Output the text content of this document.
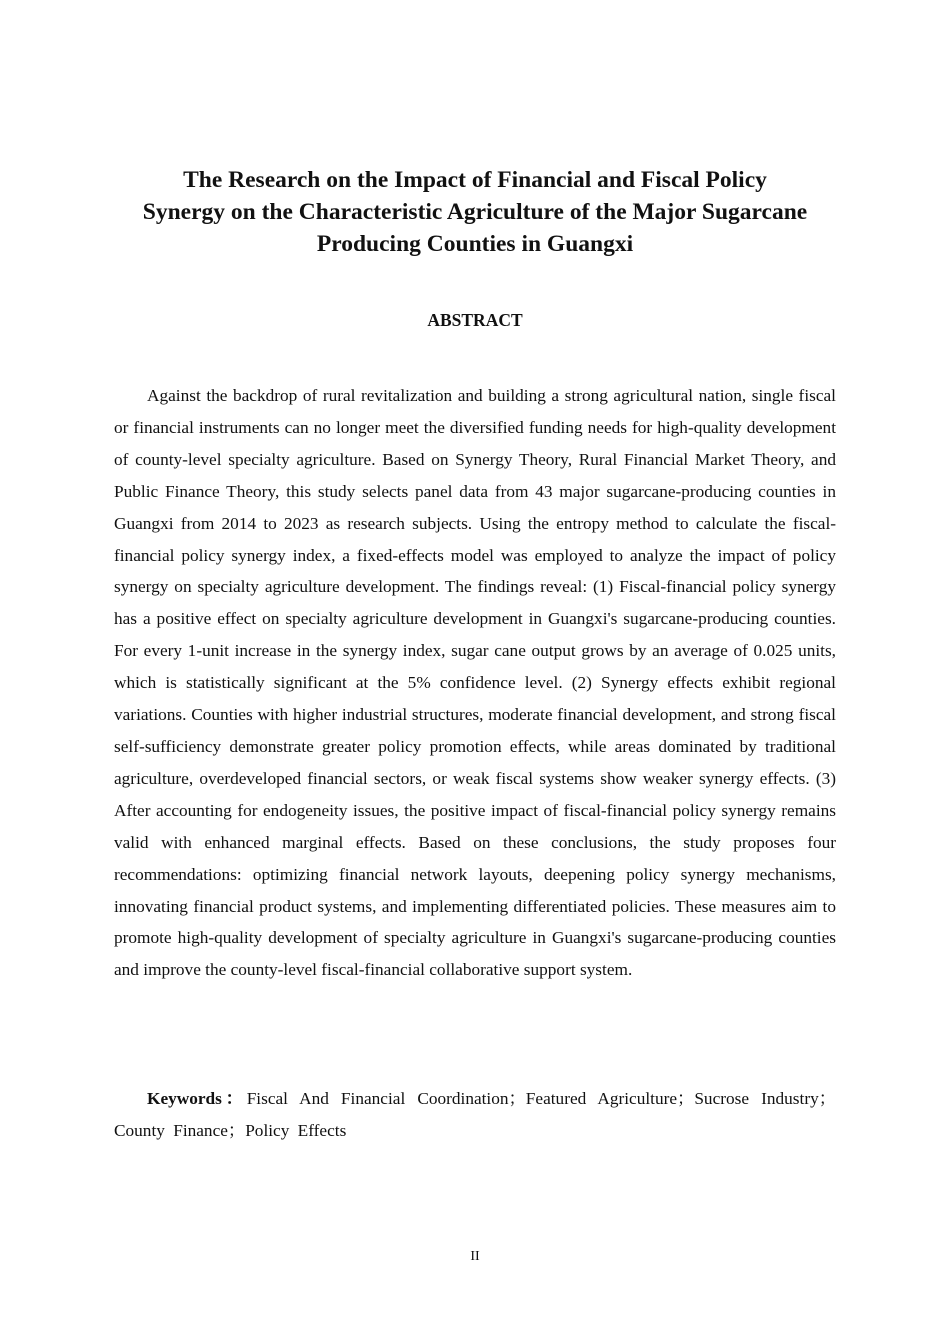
The Research on the Impact of Financial and Fiscal Policy
Synergy on the Characteristic Agriculture of the Major Sugarcane
Producing Counties in Guangxi
ABSTRACT

Against the backdrop of rural revitalization and building a strong agricultural nation, single fiscal or financial instruments can no longer meet the diversified funding needs for high-quality development of county-level specialty agriculture. Based on Synergy Theory, Rural Financial Market Theory, and Public Finance Theory, this study selects panel data from 43 major sugarcane-producing counties in Guangxi from 2014 to 2023 as research subjects. Using the entropy method to calculate the fiscal-financial policy synergy index, a fixed-effects model was employed to analyze the impact of policy synergy on specialty agriculture development. The findings reveal: (1) Fiscal-financial policy synergy has a positive effect on specialty agriculture development in Guangxi's sugarcane-producing counties. For every 1-unit increase in the synergy index, sugar cane output grows by an average of 0.025 units, which is statistically significant at the 5% confidence level. (2) Synergy effects exhibit regional variations. Counties with higher industrial structures, moderate financial development, and strong fiscal self-sufficiency demonstrate greater policy promotion effects, while areas dominated by traditional agriculture, overdeveloped financial sectors, or weak fiscal systems show weaker synergy effects. (3) After accounting for endogeneity issues, the positive impact of fiscal-financial policy synergy remains valid with enhanced marginal effects. Based on these conclusions, the study proposes four recommendations: optimizing financial network layouts, deepening policy synergy mechanisms, innovating financial product systems, and implementing differentiated policies. These measures aim to promote high-quality development of specialty agriculture in Guangxi's sugarcane-producing counties and improve the county-level fiscal-financial collaborative support system.

Keywords：Fiscal And Financial Coordination；Featured Agriculture；Sucrose Industry；County Finance；Policy Effects

II
